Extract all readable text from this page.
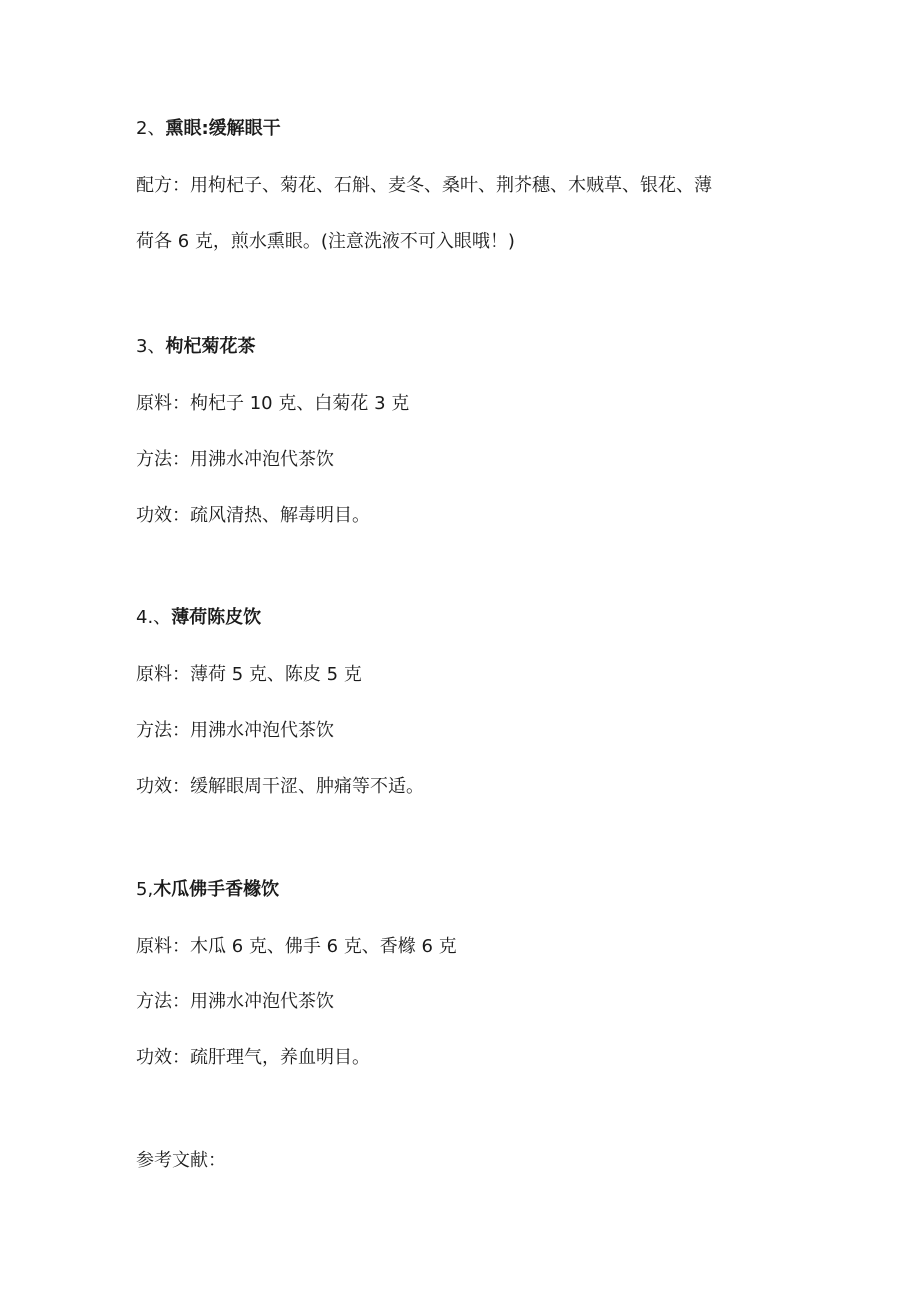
2、熏眼:缓解眼干
配方：用枸杞子、菊花、石斛、麦冬、桑叶、荆芥穗、木贼草、银花、薄
荷各 6 克，煎水熏眼。(注意洗液不可入眼哦！)
3、枸杞菊花茶
原料：枸杞子 10 克、白菊花 3 克
方法：用沸水冲泡代茶饮
功效：疏风清热、解毒明目。
4.、薄荷陈皮饮
原料：薄荷 5 克、陈皮 5 克
方法：用沸水冲泡代茶饮
功效：缓解眼周干涩、肿痛等不适。
5,木瓜佛手香橼饮
原料：木瓜 6 克、佛手 6 克、香橼 6 克
方法：用沸水冲泡代茶饮
功效：疏肝理气，养血明目。
参考文献：
